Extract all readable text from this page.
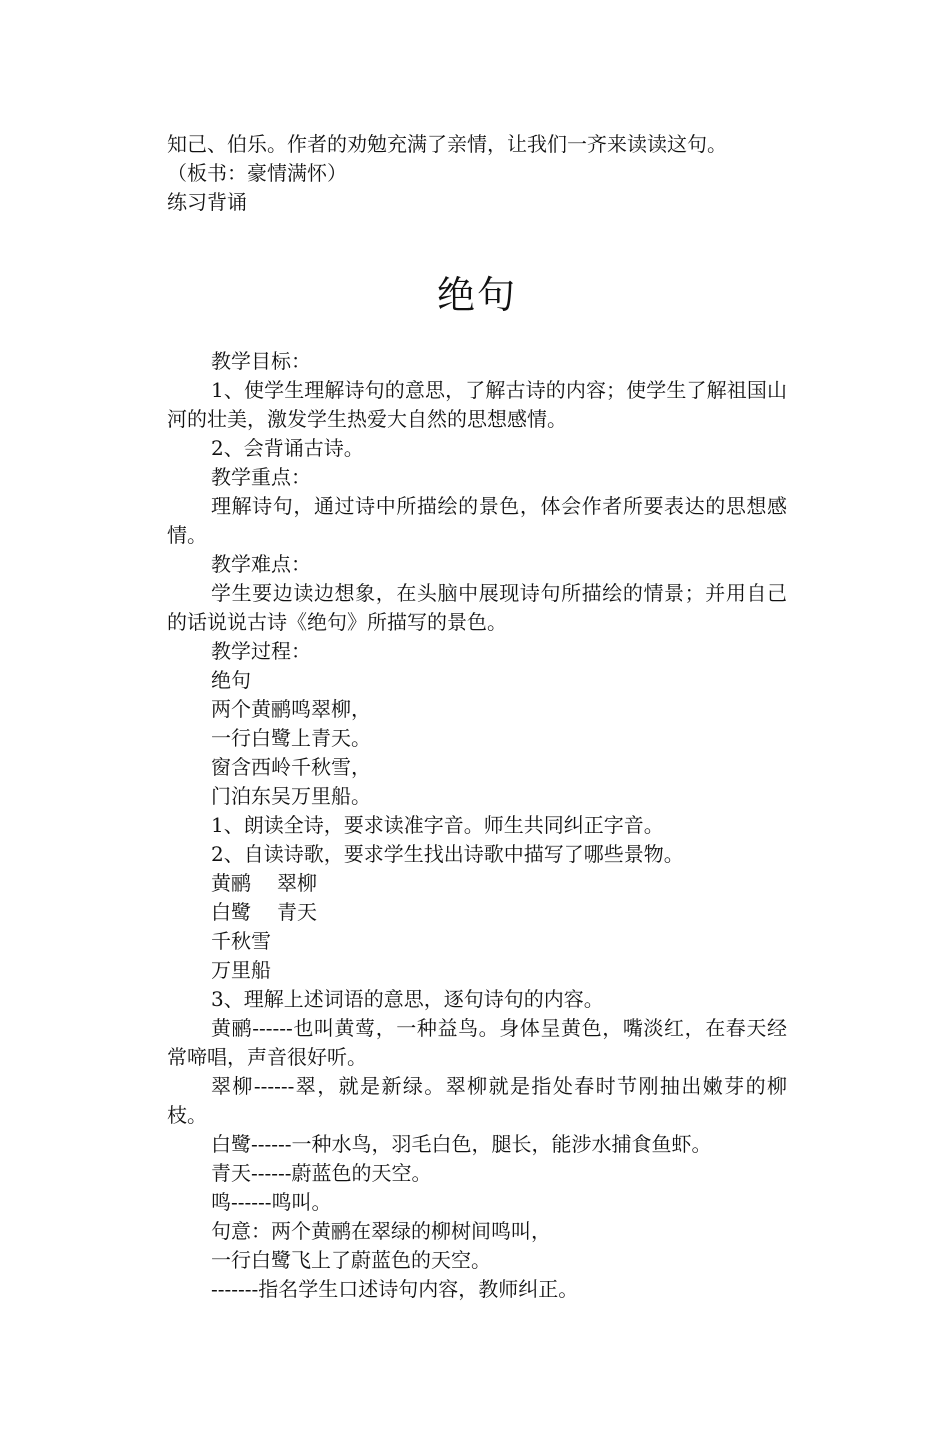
知己、伯乐。作者的劝勉充满了亲情，让我们一齐来读读这句。
（板书：豪情满怀）
练习背诵
绝句
教学目标：
1、使学生理解诗句的意思，了解古诗的内容；使学生了解祖国山河的壮美，激发学生热爱大自然的思想感情。
2、会背诵古诗。
教学重点：
理解诗句，通过诗中所描绘的景色，体会作者所要表达的思想感情。
教学难点：
学生要边读边想象，在头脑中展现诗句所描绘的情景；并用自己的话说说古诗《绝句》所描写的景色。
教学过程：
绝句
两个黄鹂鸣翠柳，
一行白鹭上青天。
窗含西岭千秋雪，
门泊东吴万里船。
1、朗读全诗，要求读准字音。师生共同纠正字音。
2、自读诗歌，要求学生找出诗歌中描写了哪些景物。
黄鹂 翠柳
白鹭 青天
千秋雪
万里船
3、理解上述词语的意思，逐句诗句的内容。
黄鹂------也叫黄莺，一种益鸟。身体呈黄色，嘴淡红，在春天经常啼唱，声音很好听。
翠柳------翠，就是新绿。翠柳就是指处春时节刚抽出嫩芽的柳枝。
白鹭------一种水鸟，羽毛白色，腿长，能涉水捕食鱼虾。
青天------蔚蓝色的天空。
鸣------鸣叫。
句意：两个黄鹂在翠绿的柳树间鸣叫，
一行白鹭飞上了蔚蓝色的天空。
-------指名学生口述诗句内容，教师纠正。
